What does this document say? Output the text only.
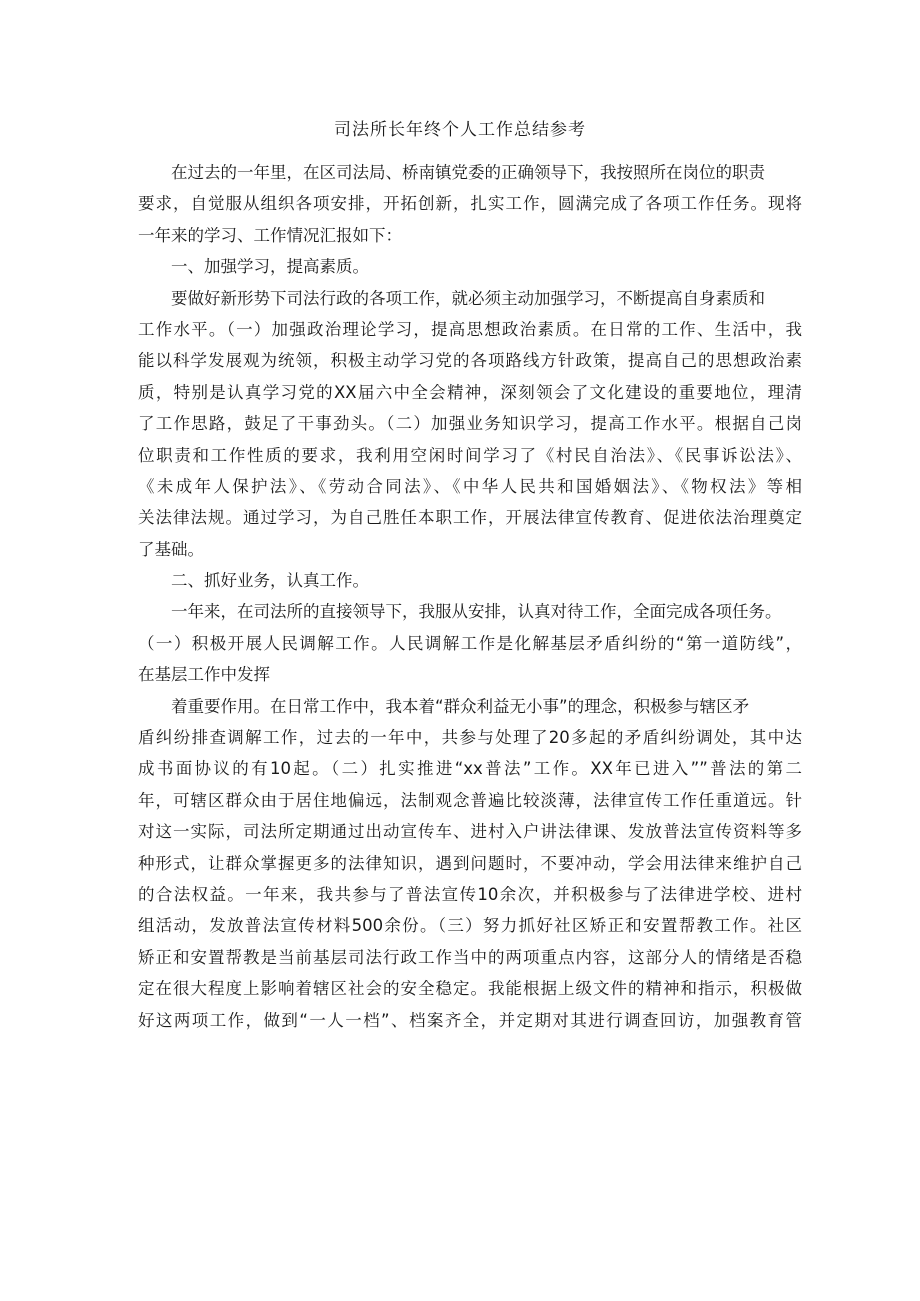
司法所长年终个人工作总结参考
　　在过去的一年里，在区司法局、桥南镇党委的正确领导下，我按照所在岗位的职责
要求，自觉服从组织各项安排，开拓创新，扎实工作，圆满完成了各项工作任务。现将
一年来的学习、工作情况汇报如下：
　　一、加强学习，提高素质。
　　要做好新形势下司法行政的各项工作，就必须主动加强学习，不断提高自身素质和
工作水平。（一）加强政治理论学习，提高思想政治素质。在日常的工作、生活中，我
能以科学发展观为统领，积极主动学习党的各项路线方针政策，提高自己的思想政治素
质，特别是认真学习党的XX届六中全会精神，深刻领会了文化建设的重要地位，理清
了工作思路，鼓足了干事劲头。（二）加强业务知识学习，提高工作水平。根据自己岗
位职责和工作性质的要求，我利用空闲时间学习了《村民自治法》、《民事诉讼法》、
《未成年人保护法》、《劳动合同法》、《中华人民共和国婚姻法》、《物权法》等相
关法律法规。通过学习，为自己胜任本职工作，开展法律宣传教育、促进依法治理奠定
了基础。
　　二、抓好业务，认真工作。
　　一年来，在司法所的直接领导下，我服从安排，认真对待工作，全面完成各项任务。
（一）积极开展人民调解工作。人民调解工作是化解基层矛盾纠纷的“第一道防线”，
在基层工作中发挥
　　着重要作用。在日常工作中，我本着“群众利益无小事”的理念，积极参与辖区矛
盾纠纷排查调解工作，过去的一年中，共参与处理了20多起的矛盾纠纷调处，其中达
成书面协议的有10起。（二）扎实推进“xx普法”工作。XX年已进入””普法的第二
年，可辖区群众由于居住地偏远，法制观念普遍比较淡薄，法律宣传工作任重道远。针
对这一实际，司法所定期通过出动宣传车、进村入户讲法律课、发放普法宣传资料等多
种形式，让群众掌握更多的法律知识，遇到问题时，不要冲动，学会用法律来维护自己
的合法权益。一年来，我共参与了普法宣传10余次，并积极参与了法律进学校、进村
组活动，发放普法宣传材料500余份。（三）努力抓好社区矫正和安置帮教工作。社区
矫正和安置帮教是当前基层司法行政工作当中的两项重点内容，这部分人的情绪是否稳
定在很大程度上影响着辖区社会的安全稳定。我能根据上级文件的精神和指示，积极做
好这两项工作，做到“一人一档”、档案齐全，并定期对其进行调查回访，加强教育管
